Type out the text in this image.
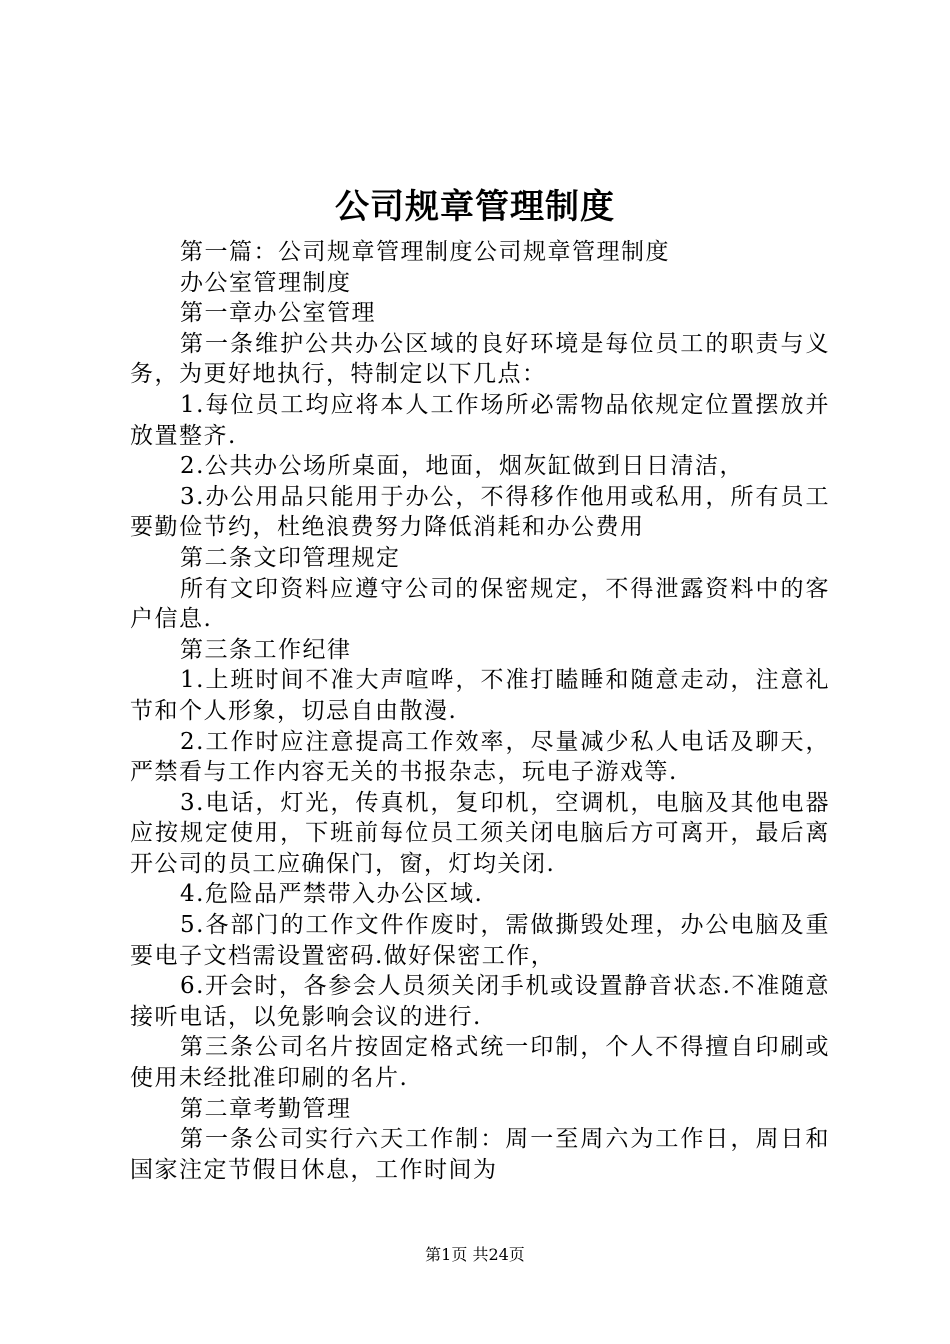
公司规章管理制度

第一篇：公司规章管理制度公司规章管理制度

办公室管理制度

第一章办公室管理

第一条维护公共办公区域的良好环境是每位员工的职责与义务，为更好地执行，特制定以下几点：

1.每位员工均应将本人工作场所必需物品依规定位置摆放并放置整齐.

2.公共办公场所桌面，地面，烟灰缸做到日日清洁，

3.办公用品只能用于办公，不得移作他用或私用，所有员工要勤俭节约，杜绝浪费努力降低消耗和办公费用

第二条文印管理规定

所有文印资料应遵守公司的保密规定，不得泄露资料中的客户信息.

第三条工作纪律

1.上班时间不准大声喧哗，不准打瞌睡和随意走动，注意礼节和个人形象，切忌自由散漫.

2.工作时应注意提高工作效率，尽量减少私人电话及聊天，严禁看与工作内容无关的书报杂志，玩电子游戏等.

3.电话，灯光，传真机，复印机，空调机，电脑及其他电器应按规定使用，下班前每位员工须关闭电脑后方可离开，最后离开公司的员工应确保门，窗，灯均关闭.

4.危险品严禁带入办公区域.

5.各部门的工作文件作废时，需做撕毁处理，办公电脑及重要电子文档需设置密码.做好保密工作，

6.开会时，各参会人员须关闭手机或设置静音状态.不准随意接听电话，以免影响会议的进行.

第三条公司名片按固定格式统一印制，个人不得擅自印刷或使用未经批准印刷的名片.

第二章考勤管理

第一条公司实行六天工作制：周一至周六为工作日，周日和国家注定节假日休息，工作时间为

第1页 共24页
